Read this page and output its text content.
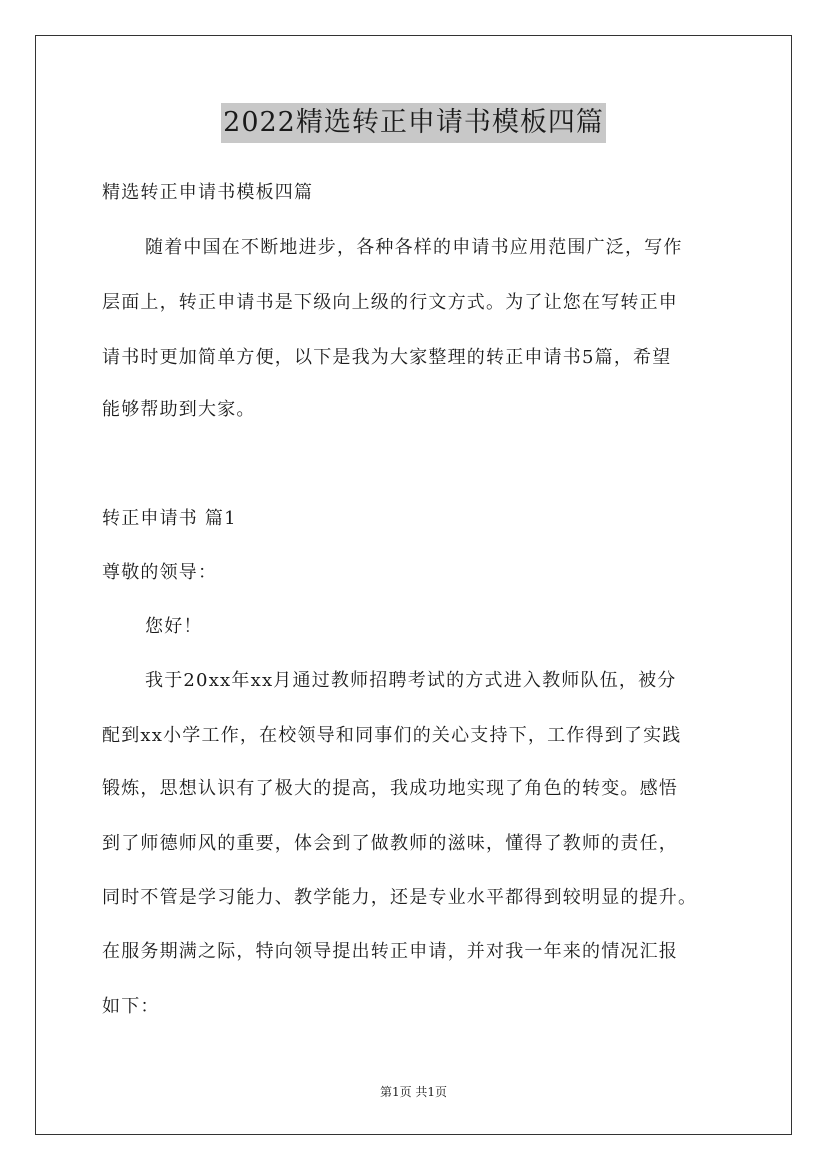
2022精选转正申请书模板四篇
精选转正申请书模板四篇
随着中国在不断地进步，各种各样的申请书应用范围广泛，写作
层面上，转正申请书是下级向上级的行文方式。为了让您在写转正申
请书时更加简单方便，以下是我为大家整理的转正申请书5篇，希望
能够帮助到大家。
转正申请书 篇1
尊敬的领导：
您好！
我于20xx年xx月通过教师招聘考试的方式进入教师队伍，被分
配到xx小学工作，在校领导和同事们的关心支持下，工作得到了实践
锻炼，思想认识有了极大的提高，我成功地实现了角色的转变。感悟
到了师德师风的重要，体会到了做教师的滋味，懂得了教师的责任，
同时不管是学习能力、教学能力，还是专业水平都得到较明显的提升。
在服务期满之际，特向领导提出转正申请，并对我一年来的情况汇报
如下：
第1页 共1页
